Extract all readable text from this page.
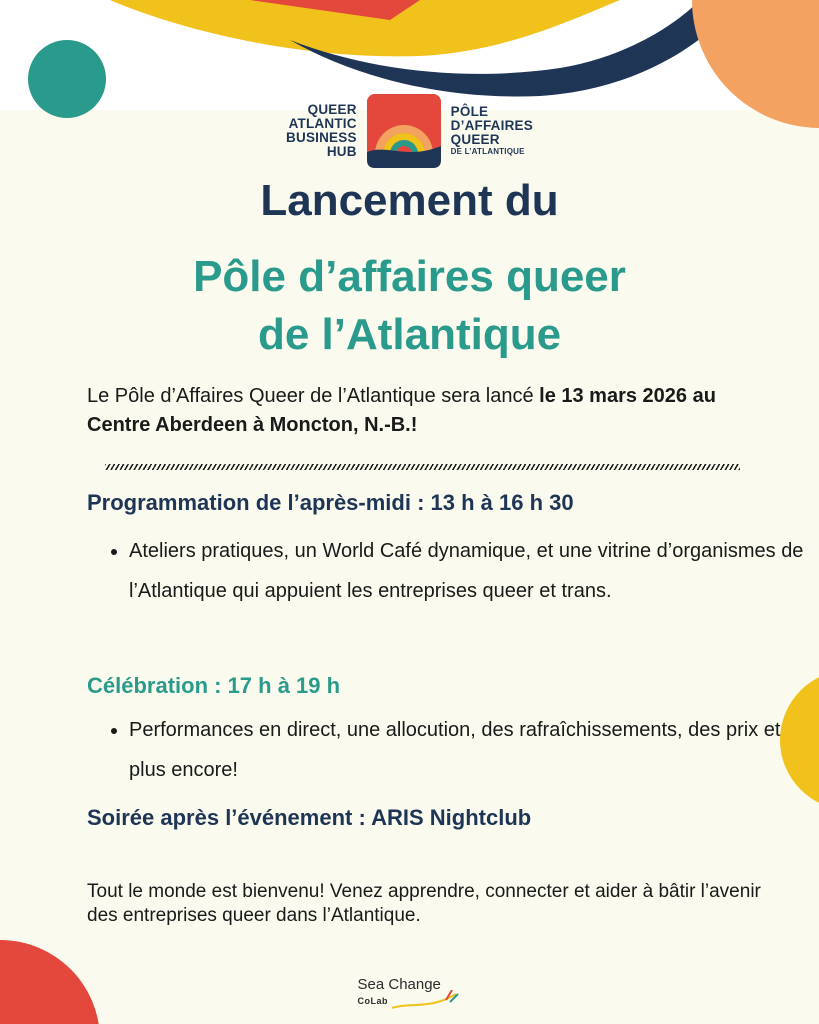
QUEER
ATLANTIC
BUSINESS
HUB
PÔLE
D’AFFAIRES
QUEER
DE L’ATLANTIQUE
Lancement du
Pôle d’affaires queer
de l’Atlantique
Le Pôle d’Affaires Queer de l’Atlantique sera lancé le 13 mars 2026 au Centre Aberdeen à Moncton, N.-B.!
Programmation de l’après-midi : 13 h à 16 h 30
• Ateliers pratiques, un World Café dynamique, et une vitrine d’organismes de l’Atlantique qui appuient les entreprises queer et trans.
Célébration : 17 h à 19 h
• Performances en direct, une allocution, des rafraîchissements, des prix et plus encore!
Soirée après l’événement : ARIS Nightclub
Tout le monde est bienvenu! Venez apprendre, connecter et aider à bâtir l’avenir des entreprises queer dans l’Atlantique.
Sea Change
CoLab
